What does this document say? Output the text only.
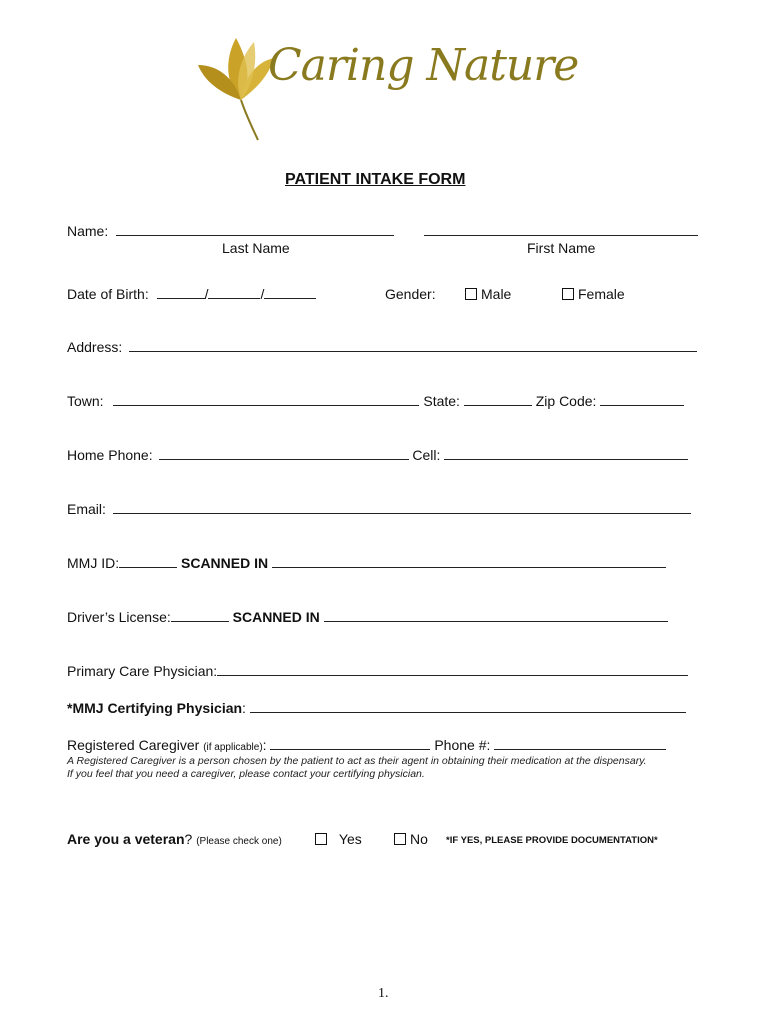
Caring Nature
PATIENT INTAKE FORM
Name:
Last Name	First Name
Date of Birth:	/	/	Gender:	Male	Female
Address:
Town:	State:	Zip Code:
Home Phone:	Cell:
Email:
MMJ ID:	SCANNED IN
Driver’s License:	SCANNED IN
Primary Care Physician:
*MMJ Certifying Physician:
Registered Caregiver (if applicable):	Phone #:
A Registered Caregiver is a person chosen by the patient to act as their agent in obtaining their medication at the dispensary.
If you feel that you need a caregiver, please contact your certifying physician.
Are you a veteran? (Please check one)	Yes	No *IF YES, PLEASE PROVIDE DOCUMENTATION*
1.
